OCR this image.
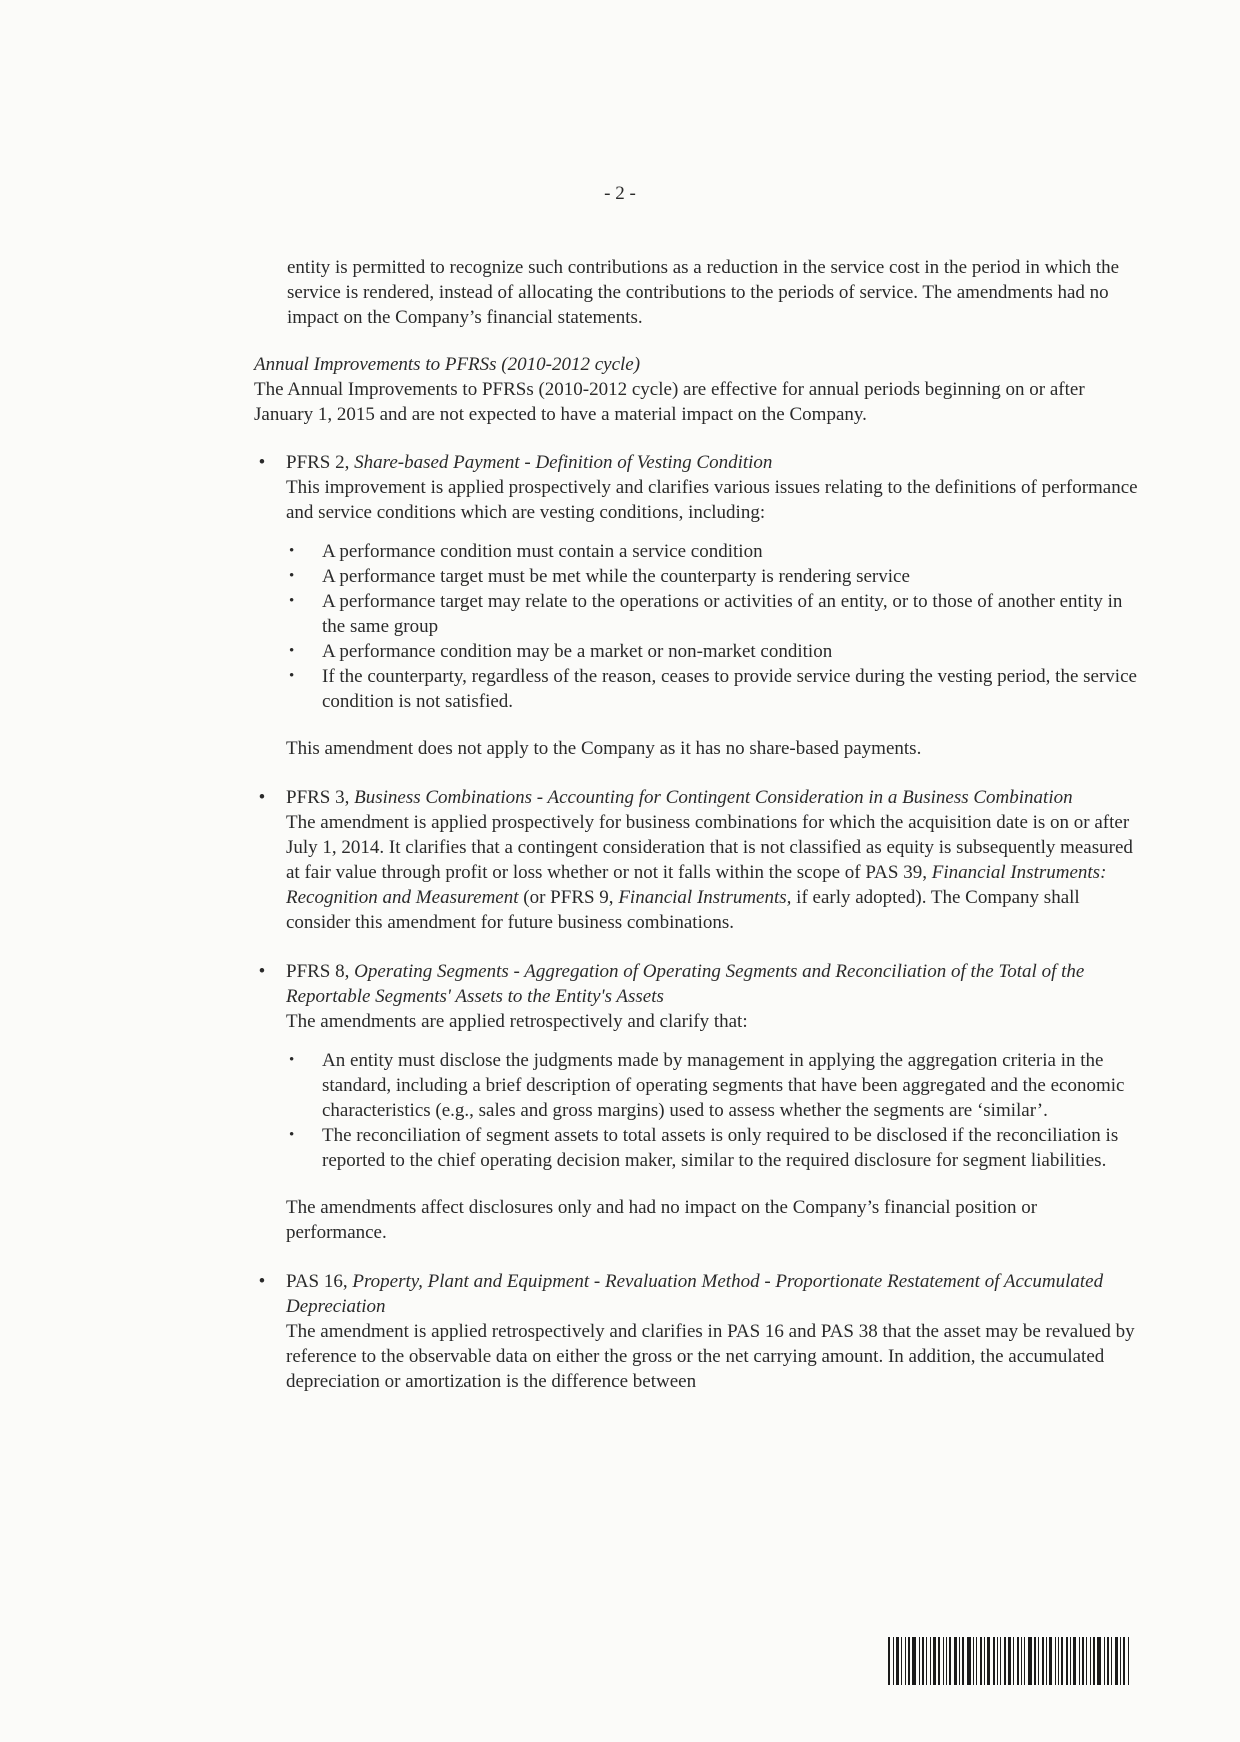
- 2 -

entity is permitted to recognize such contributions as a reduction in the service cost in the period in which the service is rendered, instead of allocating the contributions to the periods of service. The amendments had no impact on the Company’s financial statements.

Annual Improvements to PFRSs (2010-2012 cycle)

The Annual Improvements to PFRSs (2010-2012 cycle) are effective for annual periods beginning on or after January 1, 2015 and are not expected to have a material impact on the Company.

• PFRS 2, Share-based Payment - Definition of Vesting Condition

This improvement is applied prospectively and clarifies various issues relating to the definitions of performance and service conditions which are vesting conditions, including:

• A performance condition must contain a service condition
• A performance target must be met while the counterparty is rendering service
• A performance target may relate to the operations or activities of an entity, or to those of another entity in the same group
• A performance condition may be a market or non-market condition
• If the counterparty, regardless of the reason, ceases to provide service during the vesting period, the service condition is not satisfied.

This amendment does not apply to the Company as it has no share-based payments.

• PFRS 3, Business Combinations - Accounting for Contingent Consideration in a Business Combination

The amendment is applied prospectively for business combinations for which the acquisition date is on or after July 1, 2014. It clarifies that a contingent consideration that is not classified as equity is subsequently measured at fair value through profit or loss whether or not it falls within the scope of PAS 39, Financial Instruments: Recognition and Measurement (or PFRS 9, Financial Instruments, if early adopted). The Company shall consider this amendment for future business combinations.

• PFRS 8, Operating Segments - Aggregation of Operating Segments and Reconciliation of the Total of the Reportable Segments' Assets to the Entity's Assets

The amendments are applied retrospectively and clarify that:

• An entity must disclose the judgments made by management in applying the aggregation criteria in the standard, including a brief description of operating segments that have been aggregated and the economic characteristics (e.g., sales and gross margins) used to assess whether the segments are ‘similar’.
• The reconciliation of segment assets to total assets is only required to be disclosed if the reconciliation is reported to the chief operating decision maker, similar to the required disclosure for segment liabilities.

The amendments affect disclosures only and had no impact on the Company’s financial position or performance.

• PAS 16, Property, Plant and Equipment - Revaluation Method - Proportionate Restatement of Accumulated Depreciation

The amendment is applied retrospectively and clarifies in PAS 16 and PAS 38 that the asset may be revalued by reference to the observable data on either the gross or the net carrying amount. In addition, the accumulated depreciation or amortization is the difference between
